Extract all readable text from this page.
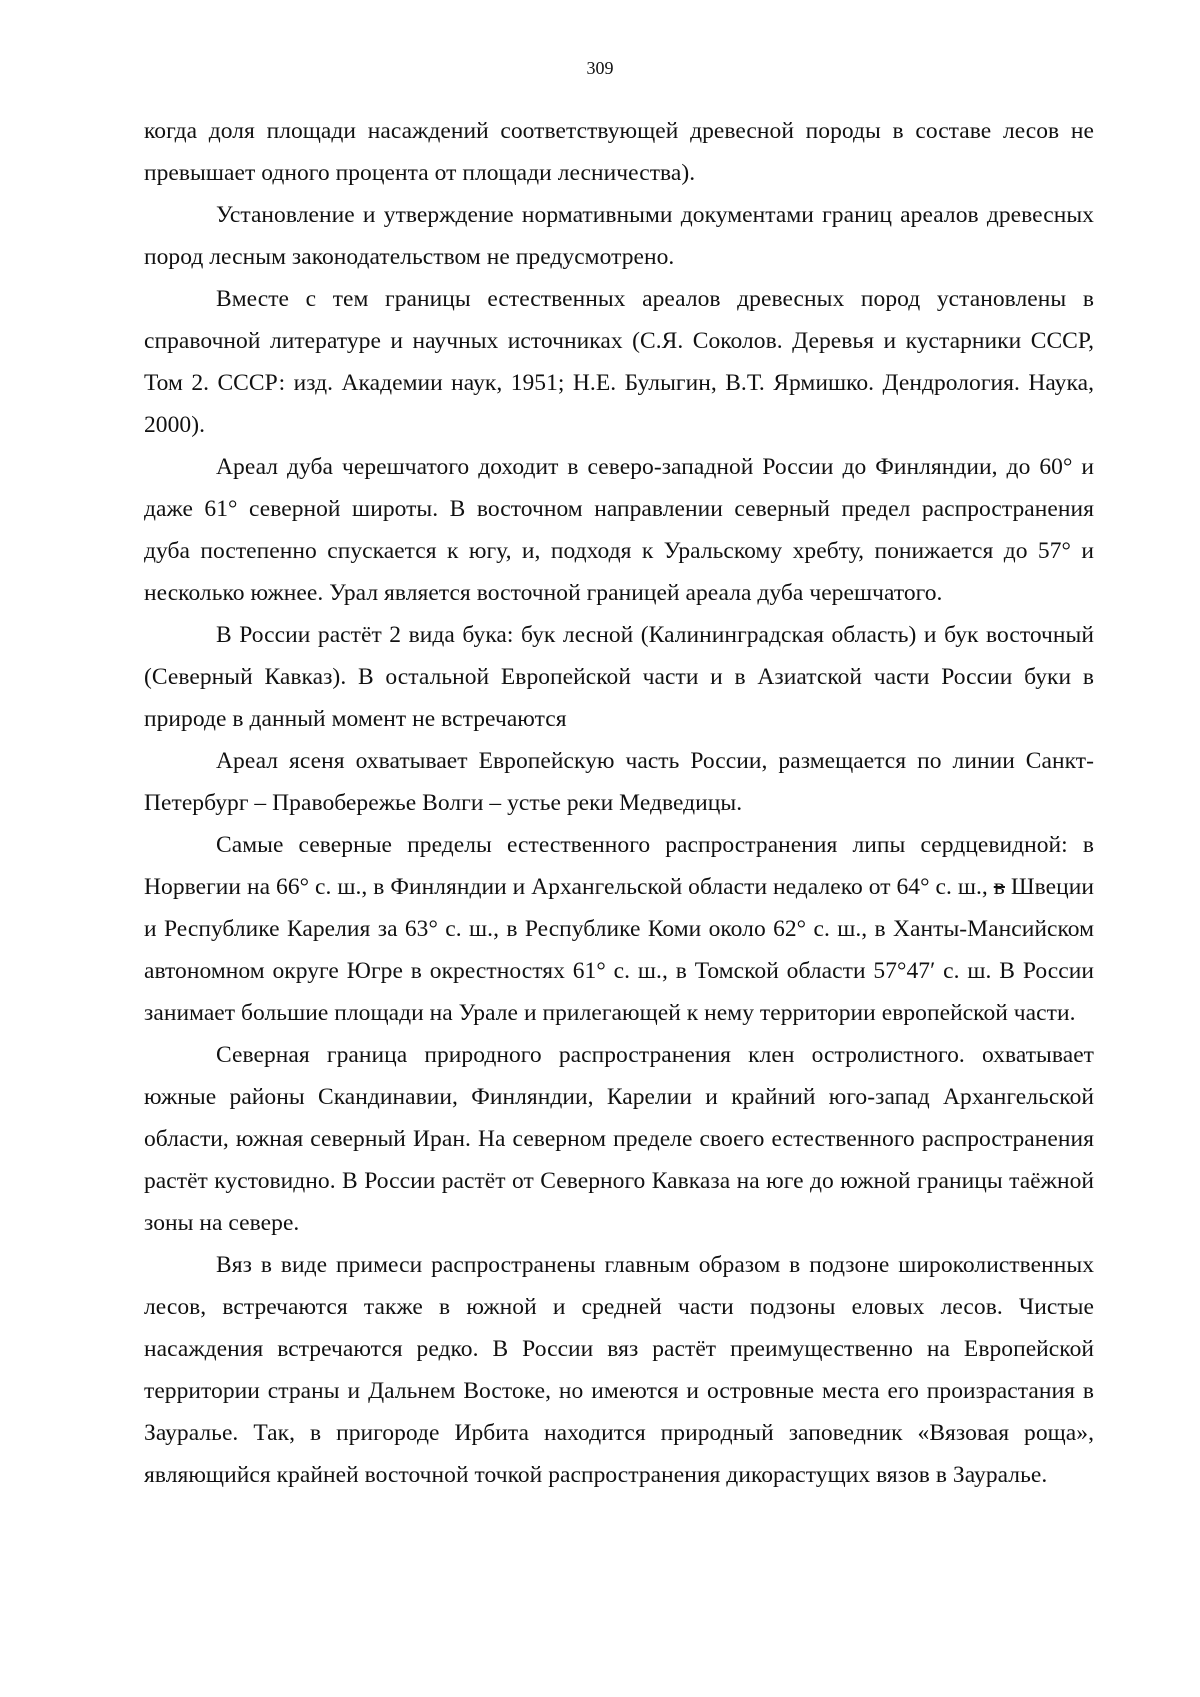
309

когда доля площади насаждений соответствующей древесной породы в составе лесов не превышает одного процента от площади лесничества).

Установление и утверждение нормативными документами границ ареалов древесных пород лесным законодательством не предусмотрено.

Вместе с тем границы естественных ареалов древесных пород установлены в справочной литературе и научных источниках (С.Я. Соколов. Деревья и кустарники СССР, Том 2. СССР: изд. Академии наук, 1951; Н.Е. Булыгин, В.Т. Ярмишко. Дендрология. Наука, 2000).

Ареал дуба черешчатого доходит в северо-западной России до Финляндии, до 60° и даже 61° северной широты. В восточном направлении северный предел распространения дуба постепенно спускается к югу, и, подходя к Уральскому хребту, понижается до 57° и несколько южнее. Урал является восточной границей ареала дуба черешчатого.

В России растёт 2 вида бука: бук лесной (Калининградская область) и бук восточный (Северный Кавказ). В остальной Европейской части и в Азиатской части России буки в природе в данный момент не встречаются

Ареал ясеня охватывает Европейскую часть России, размещается по линии Санкт-Петербург – Правобережье Волги – устье реки Медведицы.

Самые северные пределы естественного распространения липы сердцевидной: в Норвегии на 66° с. ш., в Финляндии и Архангельской области недалеко от 64° с. ш., в Швеции и Республике Карелия за 63° с. ш., в Республике Коми около 62° с. ш., в Ханты-Мансийском автономном округе Югре в окрестностях 61° с. ш., в Томской области 57°47′ с. ш. В России занимает большие площади на Урале и прилегающей к нему территории европейской части.

Северная граница природного распространения клен остролистного. охватывает южные районы Скандинавии, Финляндии, Карелии и крайний юго-запад Архангельской области, южная северный Иран. На северном пределе своего естественного распространения растёт кустовидно. В России растёт от Северного Кавказа на юге до южной границы таёжной зоны на севере.

Вяз в виде примеси распространены главным образом в подзоне широколиственных лесов, встречаются также в южной и средней части подзоны еловых лесов. Чистые насаждения встречаются редко. В России вяз растёт преимущественно на Европейской территории страны и Дальнем Востоке, но имеются и островные места его произрастания в Зауралье. Так, в пригороде Ирбита находится природный заповедник «Вязовая роща», являющийся крайней восточной точкой распространения дикорастущих вязов в Зауралье.
